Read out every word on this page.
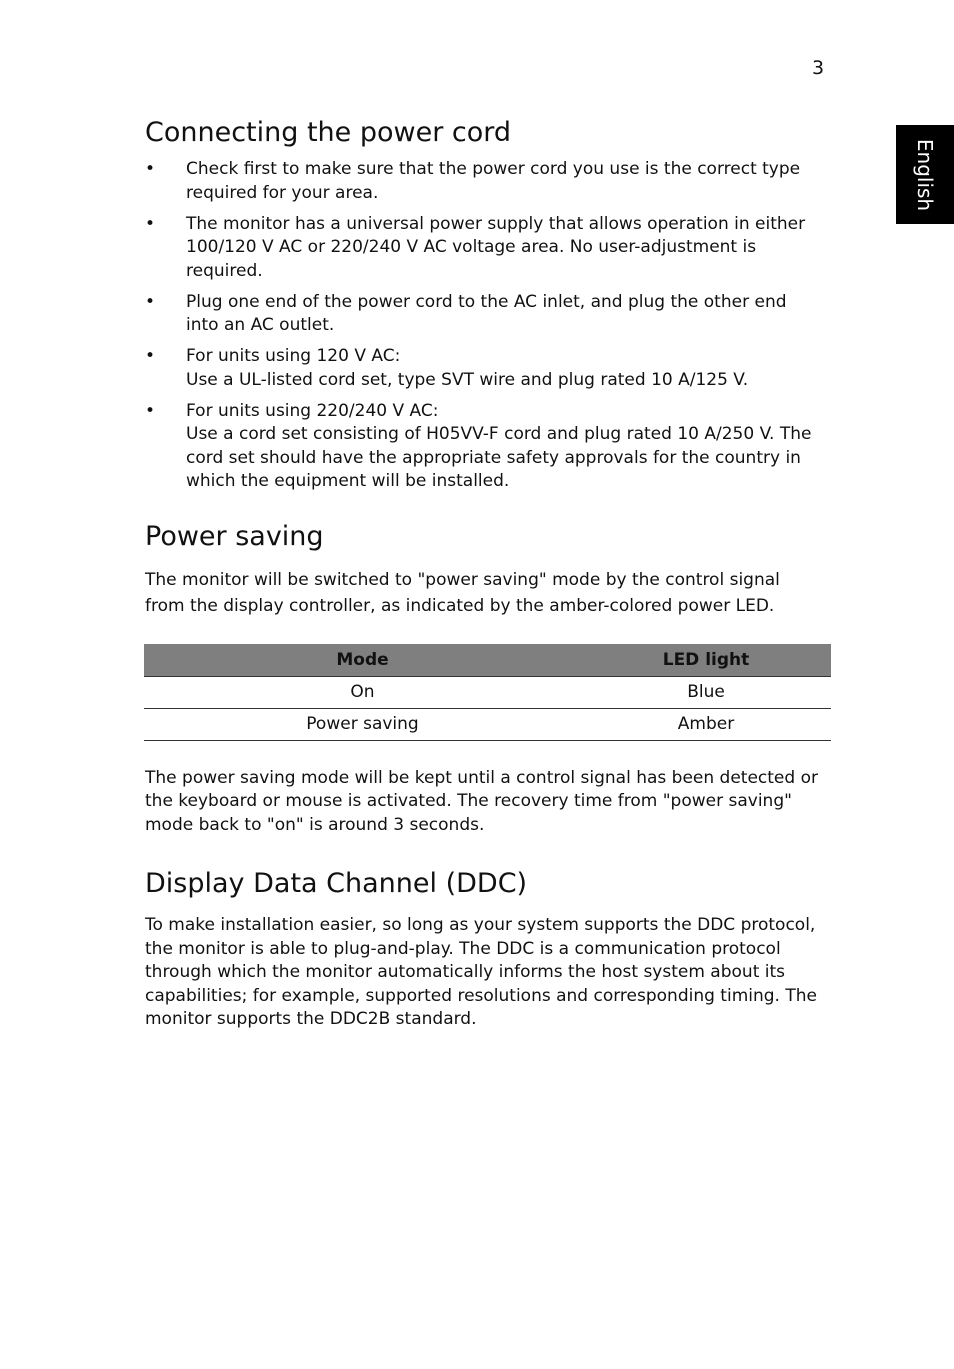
3
English
Connecting the power cord
• Check first to make sure that the power cord you use is the correct type
required for your area.
• The monitor has a universal power supply that allows operation in either
100/120 V AC or 220/240 V AC voltage area. No user-adjustment is
required.
• Plug one end of the power cord to the AC inlet, and plug the other end
into an AC outlet.
• For units using 120 V AC:
Use a UL-listed cord set, type SVT wire and plug rated 10 A/125 V.
• For units using 220/240 V AC:
Use a cord set consisting of H05VV-F cord and plug rated 10 A/250 V. The
cord set should have the appropriate safety approvals for the country in
which the equipment will be installed.
Power saving

The monitor will be switched to "power saving" mode by the control signal
from the display controller, as indicated by the amber-colored power LED.

Mode	LED light
On	Blue
Power saving	Amber

The power saving mode will be kept until a control signal has been detected or
the keyboard or mouse is activated. The recovery time from "power saving"
mode back to "on" is around 3 seconds.

Display Data Channel (DDC)

To make installation easier, so long as your system supports the DDC protocol,
the monitor is able to plug-and-play. The DDC is a communication protocol
through which the monitor automatically informs the host system about its
capabilities; for example, supported resolutions and corresponding timing. The
monitor supports the DDC2B standard.
